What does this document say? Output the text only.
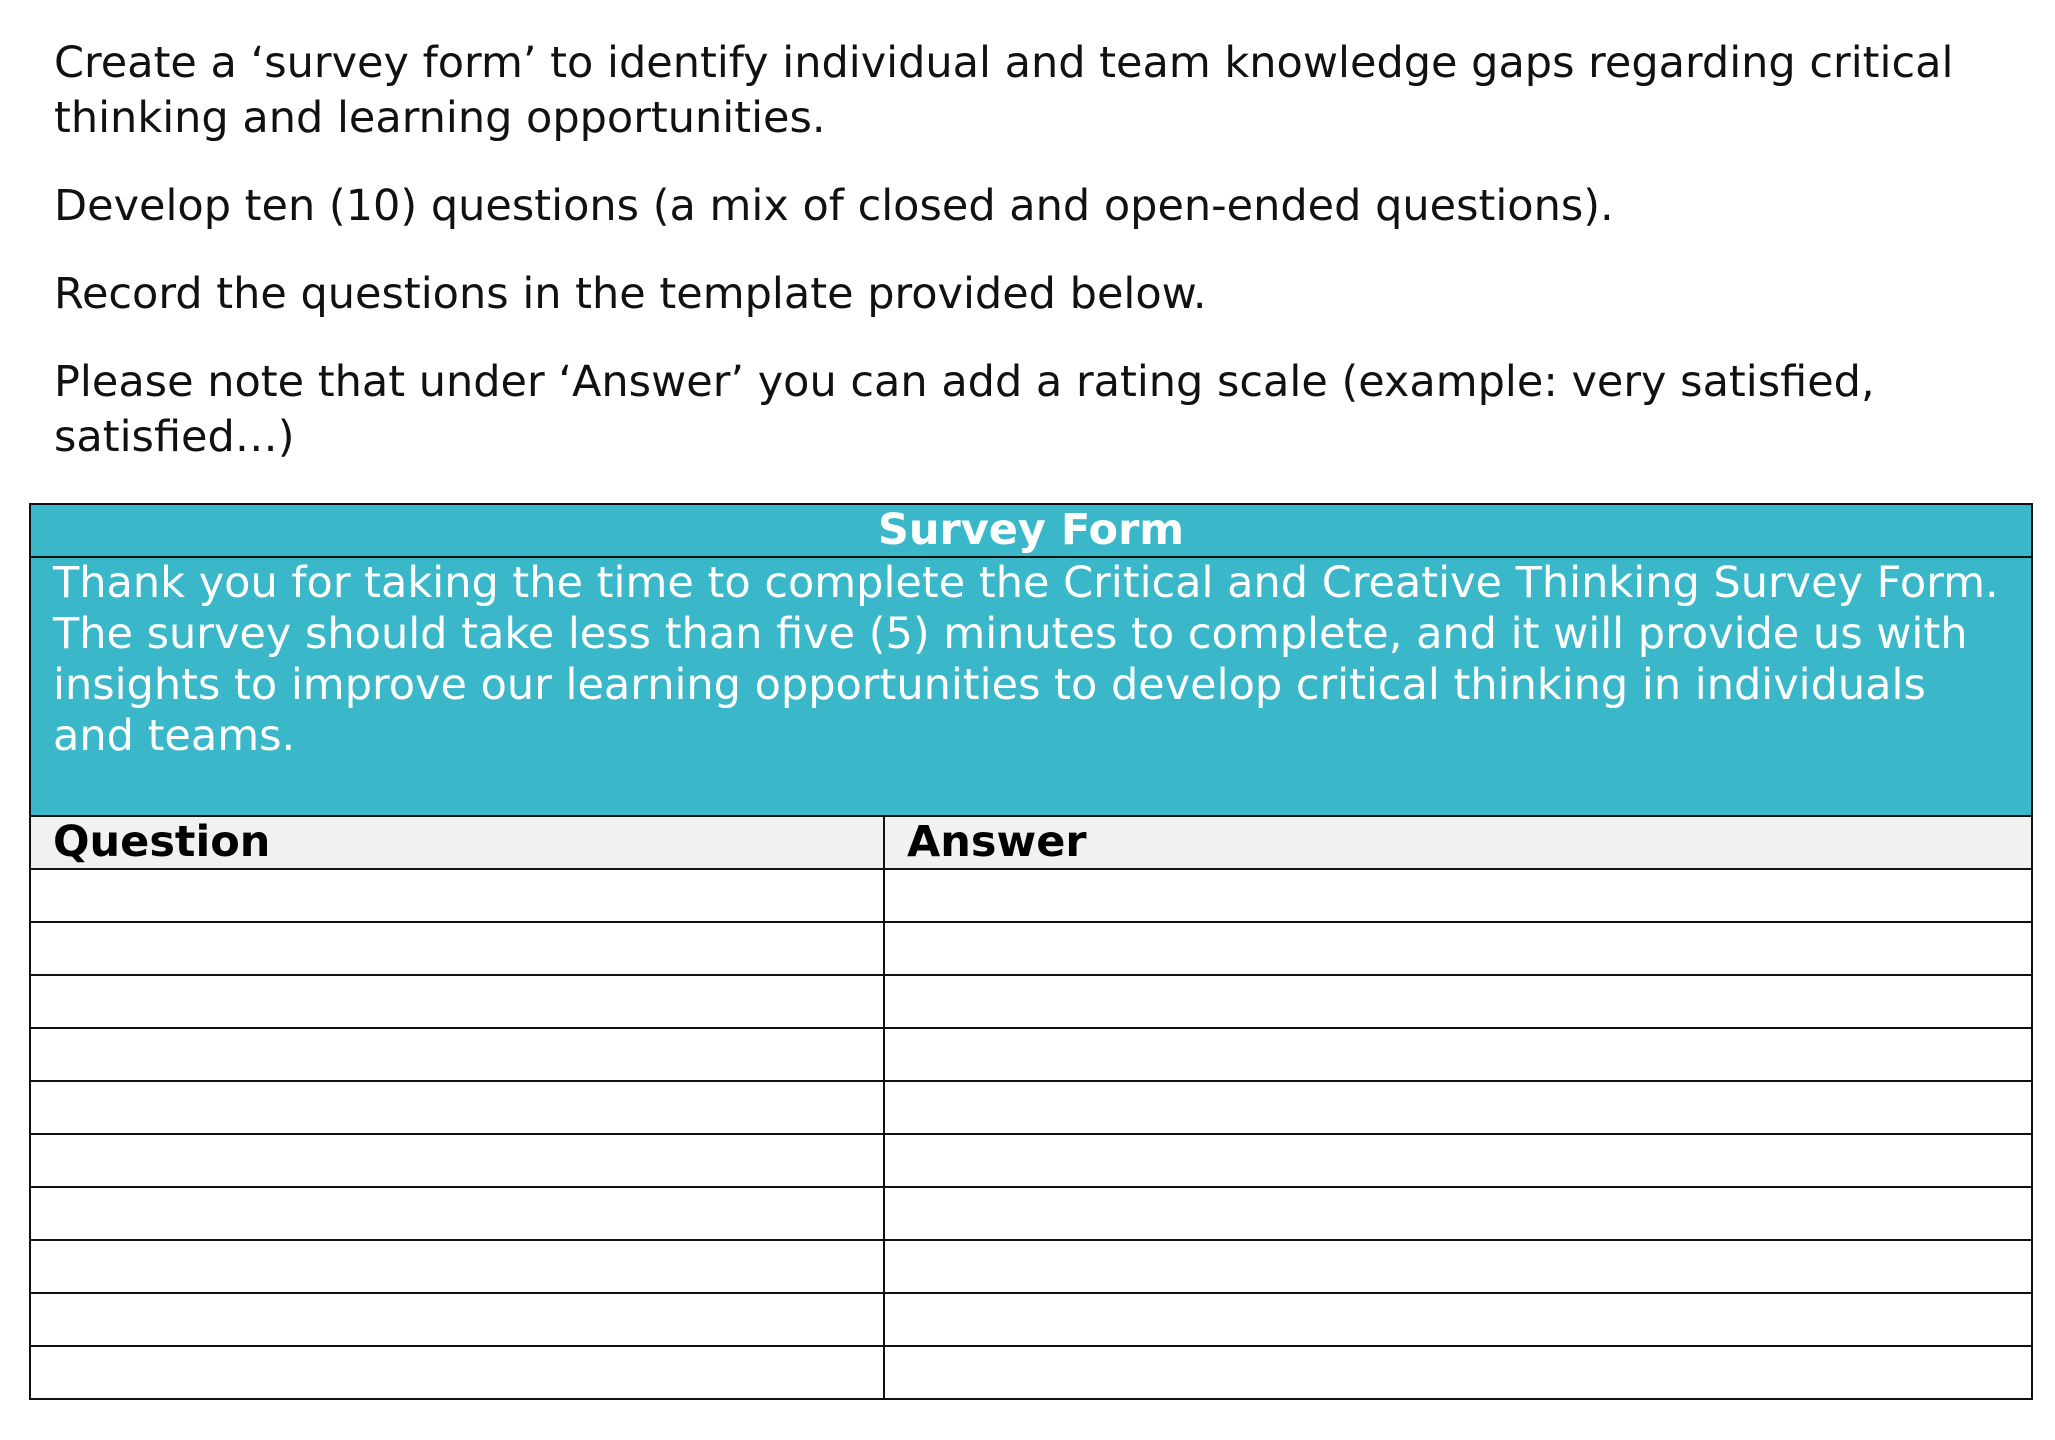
Create a ‘survey form’ to identify individual and team knowledge gaps regarding critical thinking and learning opportunities.

Develop ten (10) questions (a mix of closed and open-ended questions).

Record the questions in the template provided below.

Please note that under ‘Answer’ you can add a rating scale (example: very satisfied, satisfied…)

Survey Form	

Thank you for taking the time to complete the Critical and Creative Thinking Survey Form.
The survey should take less than five (5) minutes to complete, and it will provide us with insights to improve our learning opportunities to develop critical thinking in individuals and teams.	

Question	Answer
